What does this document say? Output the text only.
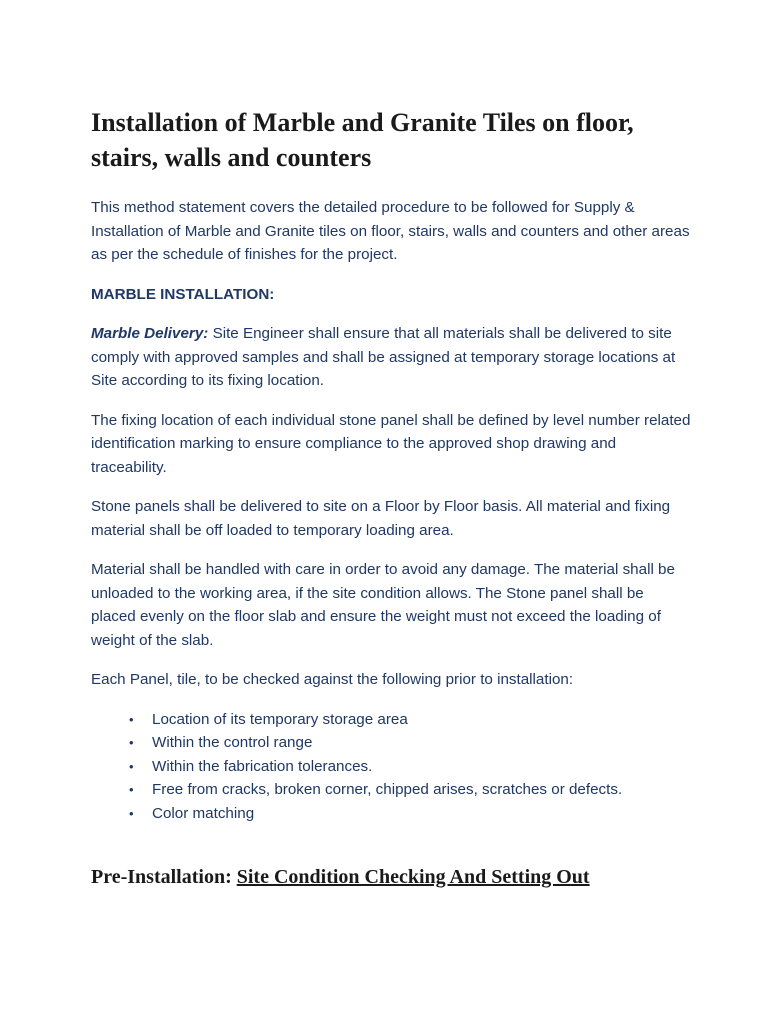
Installation of Marble and Granite Tiles on floor, stairs, walls and counters

This method statement covers the detailed procedure to be followed for Supply & Installation of Marble and Granite tiles on floor, stairs, walls and counters and other areas as per the schedule of finishes for the project.

MARBLE INSTALLATION:

Marble Delivery: Site Engineer shall ensure that all materials shall be delivered to site comply with approved samples and shall be assigned at temporary storage locations at Site according to its fixing location.

The fixing location of each individual stone panel shall be defined by level number related identification marking to ensure compliance to the approved shop drawing and traceability.

Stone panels shall be delivered to site on a Floor by Floor basis. All material and fixing material shall be off loaded to temporary loading area.

Material shall be handled with care in order to avoid any damage. The material shall be unloaded to the working area, if the site condition allows. The Stone panel shall be placed evenly on the floor slab and ensure the weight must not exceed the loading of weight of the slab.

Each Panel, tile, to be checked against the following prior to installation:

• Location of its temporary storage area
• Within the control range
• Within the fabrication tolerances.
• Free from cracks, broken corner, chipped arises, scratches or defects.
• Color matching
Pre-Installation: Site Condition Checking And Setting Out
